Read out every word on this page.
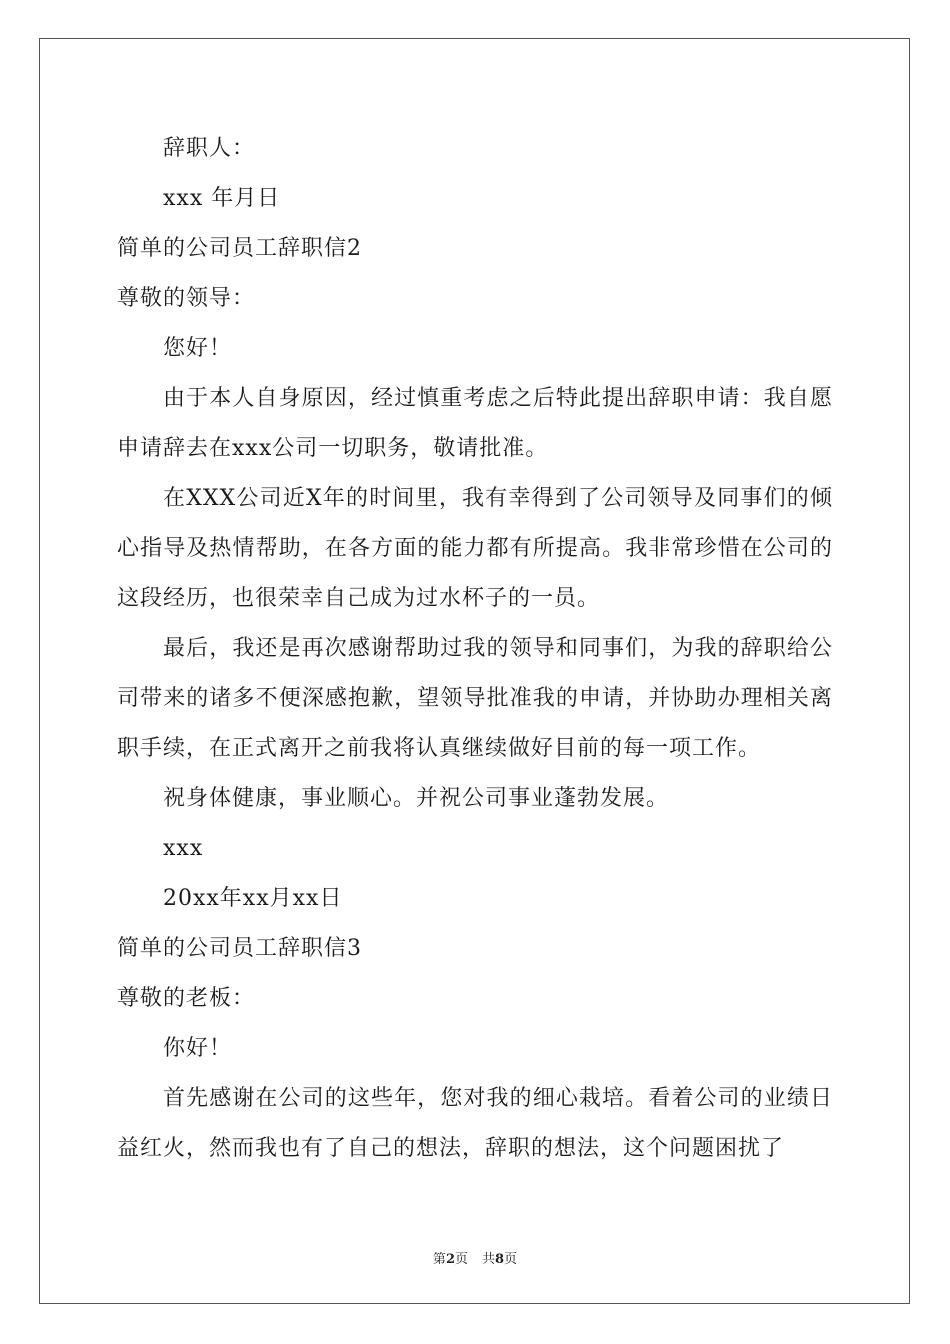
辞职人：
xxx 年月日
简单的公司员工辞职信2
尊敬的领导：
您好！
由于本人自身原因，经过慎重考虑之后特此提出辞职申请：我自愿申请辞去在xxx公司一切职务，敬请批准。
在XXX公司近X年的时间里，我有幸得到了公司领导及同事们的倾心指导及热情帮助，在各方面的能力都有所提高。我非常珍惜在公司的这段经历，也很荣幸自己成为过水杯子的一员。
最后，我还是再次感谢帮助过我的领导和同事们，为我的辞职给公司带来的诸多不便深感抱歉，望领导批准我的申请，并协助办理相关离职手续，在正式离开之前我将认真继续做好目前的每一项工作。
祝身体健康，事业顺心。并祝公司事业蓬勃发展。
xxx
20xx年xx月xx日
简单的公司员工辞职信3
尊敬的老板：
你好！
首先感谢在公司的这些年，您对我的细心栽培。看着公司的业绩日益红火，然而我也有了自己的想法，辞职的想法，这个问题困扰了
第2页 共8页
